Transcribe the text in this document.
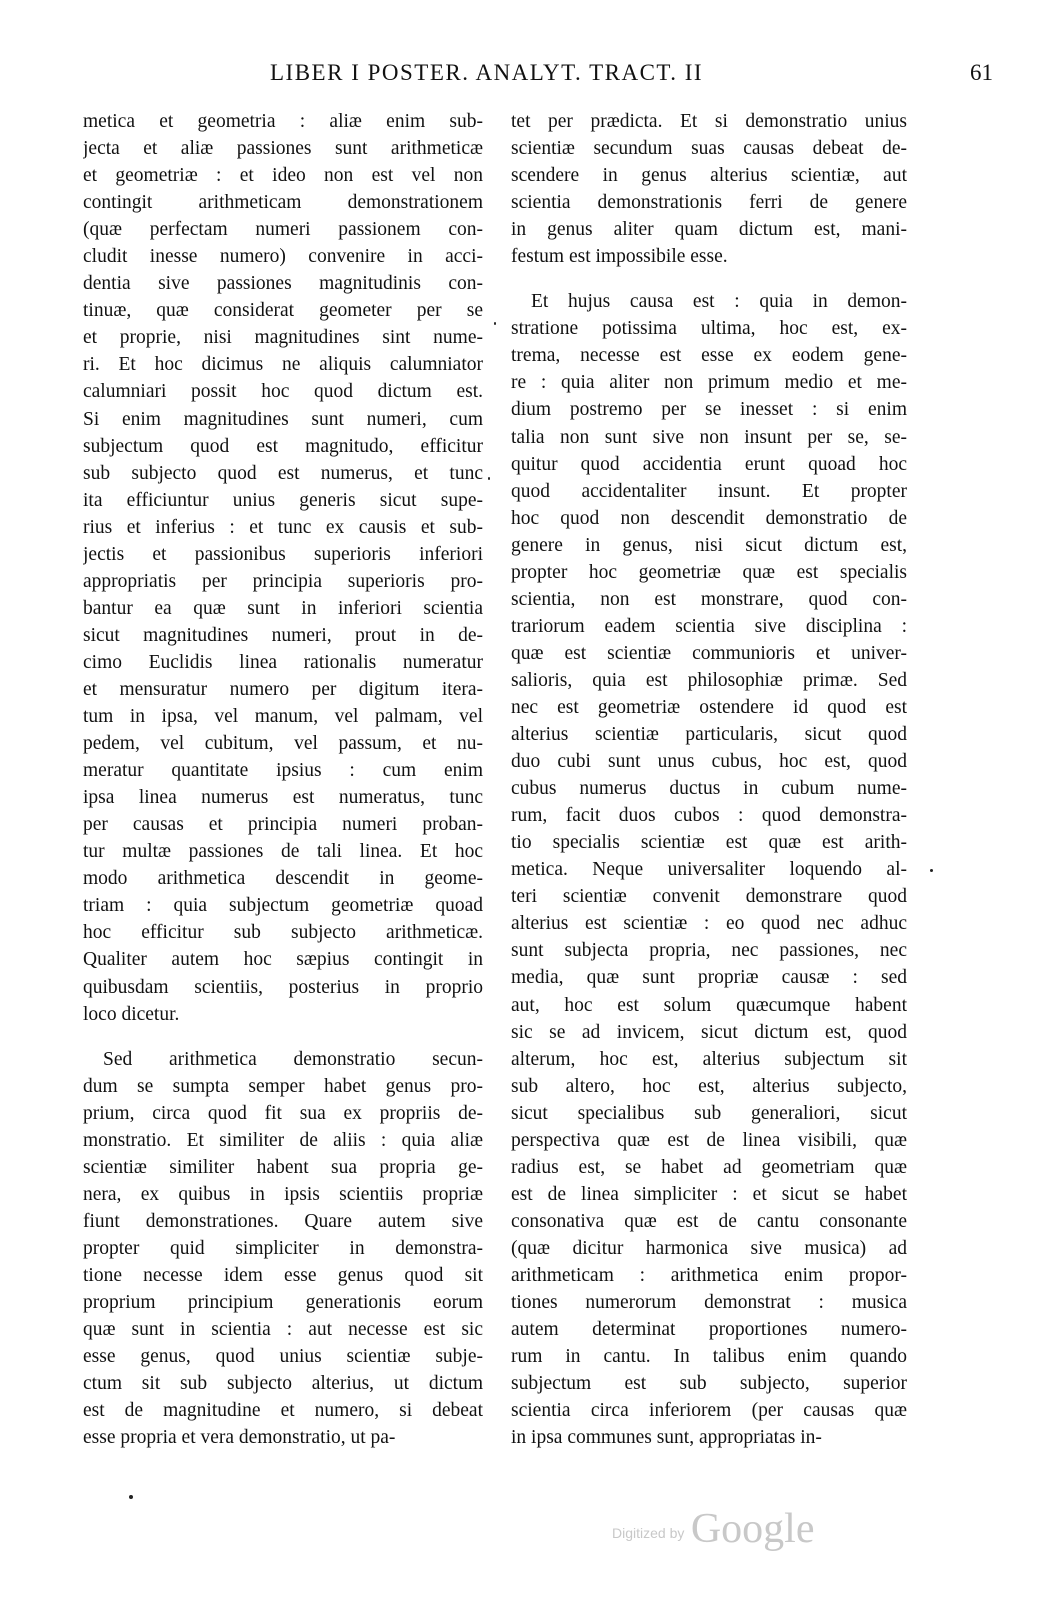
LIBER I POSTER. ANALYT. TRACT. II	61
metica et geometria : aliæ enim sub-
jecta et aliæ passiones sunt arithmeticæ
et geometriæ : et ideo non est vel non
contingit arithmeticam demonstrationem
(quæ perfectam numeri passionem con-
cludit inesse numero) convenire in acci-
dentia sive passiones magnitudinis con-
tinuæ, quæ considerat geometer per se
et proprie, nisi magnitudines sint nume-
ri. Et hoc dicimus ne aliquis calumniator
calumniari possit hoc quod dictum est.
Si enim magnitudines sunt numeri, cum
subjectum quod est magnitudo, efficitur
sub subjecto quod est numerus, et tunc
ita efficiuntur unius generis sicut supe-
rius et inferius : et tunc ex causis et sub-
jectis et passionibus superioris inferiori
appropriatis per principia superioris pro-
bantur ea quæ sunt in inferiori scientia
sicut magnitudines numeri, prout in de-
cimo Euclidis linea rationalis numeratur
et mensuratur numero per digitum itera-
tum in ipsa, vel manum, vel palmam, vel
pedem, vel cubitum, vel passum, et nu-
meratur quantitate ipsius : cum enim
ipsa linea numerus est numeratus, tunc
per causas et principia numeri proban-
tur multæ passiones de tali linea. Et hoc
modo arithmetica descendit in geome-
triam : quia subjectum geometriæ quoad
hoc efficitur sub subjecto arithmeticæ.
Qualiter autem hoc sæpius contingit in
quibusdam scientiis, posterius in proprio
loco dicetur.
Sed arithmetica demonstratio secun-
dum se sumpta semper habet genus pro-
prium, circa quod fit sua ex propriis de-
monstratio. Et similiter de aliis : quia aliæ
scientiæ similiter habent sua propria ge-
nera, ex quibus in ipsis scientiis propriæ
fiunt demonstrationes. Quare autem sive
propter quid simpliciter in demonstra-
tione necesse idem esse genus quod sit
proprium principium generationis eorum
quæ sunt in scientia : aut necesse est sic
esse genus, quod unius scientiæ subje-
ctum sit sub subjecto alterius, ut dictum
est de magnitudine et numero, si debeat
esse propria et vera demonstratio, ut pa-
tet per prædicta. Et si demonstratio unius
scientiæ secundum suas causas debeat de-
scendere in genus alterius scientiæ, aut
scientia demonstrationis ferri de genere
in genus aliter quam dictum est, mani-
festum est impossibile esse.
Et hujus causa est : quia in demon-
stratione potissima ultima, hoc est, ex-
trema, necesse est esse ex eodem gene-
re : quia aliter non primum medio et me-
dium postremo per se inesset : si enim
talia non sunt sive non insunt per se, se-
quitur quod accidentia erunt quoad hoc
quod accidentaliter insunt. Et propter
hoc quod non descendit demonstratio de
genere in genus, nisi sicut dictum est,
propter hoc geometriæ quæ est specialis
scientia, non est monstrare, quod con-
trariorum eadem scientia sive disciplina :
quæ est scientiæ communioris et univer-
salioris, quia est philosophiæ primæ. Sed
nec est geometriæ ostendere id quod est
alterius scientiæ particularis, sicut quod
duo cubi sunt unus cubus, hoc est, quod
cubus numerus ductus in cubum nume-
rum, facit duos cubos : quod demonstra-
tio specialis scientiæ est quæ est arith-
metica. Neque universaliter loquendo al-
teri scientiæ convenit demonstrare quod
alterius est scientiæ : eo quod nec adhuc
sunt subjecta propria, nec passiones, nec
media, quæ sunt propriæ causæ : sed
aut, hoc est solum quæcumque habent
sic se ad invicem, sicut dictum est, quod
alterum, hoc est, alterius subjectum sit
sub altero, hoc est, alterius subjecto,
sicut specialibus sub generaliori, sicut
perspectiva quæ est de linea visibili, quæ
radius est, se habet ad geometriam quæ
est de linea simpliciter : et sicut se habet
consonativa quæ est de cantu consonante
(quæ dicitur harmonica sive musica) ad
arithmeticam : arithmetica enim propor-
tiones numerorum demonstrat : musica
autem determinat proportiones numero-
rum in cantu. In talibus enim quando
subjectum est sub subjecto, superior
scientia circa inferiorem (per causas quæ
in ipsa communes sunt, appropriatas in-
Digitized by Google
